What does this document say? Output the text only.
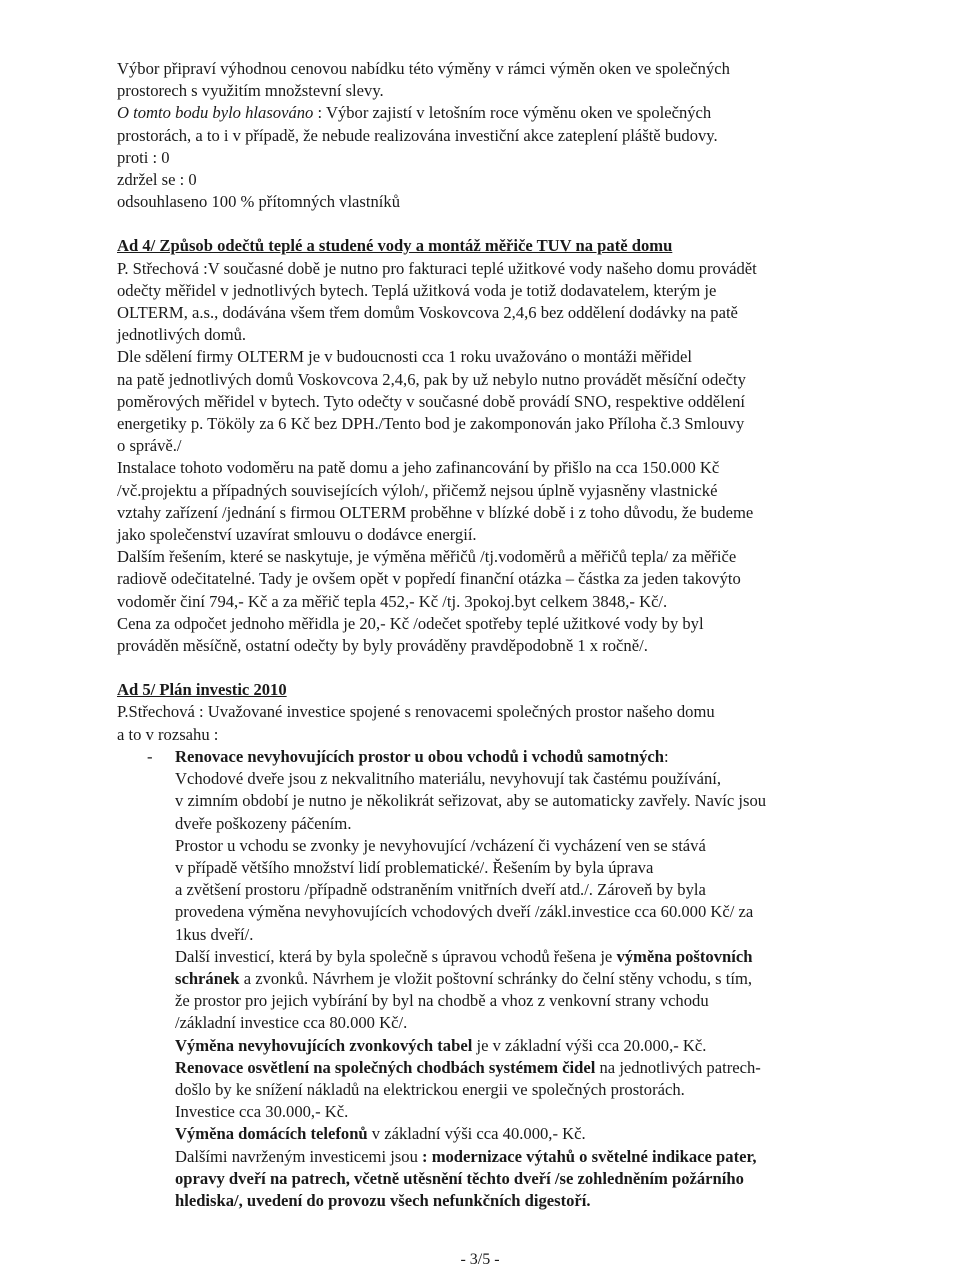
Výbor připraví výhodnou cenovou nabídku této výměny v rámci výměn oken ve společných
prostorech s využitím množstevní slevy.
O tomto bodu bylo hlasováno : Výbor zajistí v letošním roce výměnu oken ve společných
prostorách, a to i v případě, že nebude realizována investiční akce zateplení pláště budovy.
proti : 0
zdržel se : 0
odsouhlaseno 100 % přítomných vlastníků
Ad 4/ Způsob odečtů teplé a studené vody a montáž měřiče TUV na patě domu
P. Střechová :V současné době je nutno pro fakturaci teplé užitkové vody našeho domu provádět
odečty měřidel v jednotlivých bytech. Teplá užitková voda je totiž dodavatelem, kterým je
OLTERM, a.s., dodávána všem třem domům Voskovcova 2,4,6 bez oddělení dodávky na patě
jednotlivých domů.
Dle sdělení firmy OLTERM je v budoucnosti cca 1 roku uvažováno o montáži měřidel
na patě jednotlivých domů Voskovcova 2,4,6, pak by už nebylo nutno provádět měsíční odečty
poměrových měřidel v bytech. Tyto odečty v současné době provádí SNO, respektive oddělení
energetiky p. Tököly za 6 Kč bez DPH./Tento bod je zakomponován jako Příloha č.3 Smlouvy
o správě./
Instalace tohoto vodoměru na patě domu a jeho zafinancování by přišlo na cca 150.000 Kč
/vč.projektu a případných souvisejících výloh/, přičemž nejsou úplně vyjasněny vlastnické
vztahy zařízení /jednání s firmou OLTERM proběhne v blízké době i z toho důvodu, že budeme
jako společenství uzavírat smlouvu o dodávce energií.
Dalším řešením, které se naskytuje, je výměna měřičů /tj.vodoměrů a měřičů tepla/ za měřiče
radiově odečitatelné. Tady je ovšem opět v popředí finanční otázka – částka za jeden takovýto
vodoměr činí 794,- Kč a za měřič tepla 452,- Kč /tj. 3pokoj.byt celkem 3848,- Kč/.
Cena za odpočet jednoho měřidla je 20,- Kč /odečet spotřeby teplé užitkové vody by byl
prováděn měsíčně, ostatní odečty by byly prováděny pravděpodobně 1 x ročně/.
Ad 5/ Plán investic 2010
P.Střechová : Uvažované investice spojené s renovacemi společných prostor našeho domu
a to v rozsahu :
- Renovace nevyhovujících prostor u obou vchodů i vchodů samotných:
Vchodové dveře jsou z nekvalitního materiálu, nevyhovují tak častému používání,
v zimním období je nutno je několikrát seřizovat, aby se automaticky zavřely. Navíc jsou
dveře poškozeny páčením.
Prostor u vchodu se zvonky je nevyhovující /vcházení či vycházení ven se stává
v případě většího množství lidí problematické/. Řešením by byla úprava
a zvětšení prostoru /případně odstraněním vnitřních dveří atd./. Zároveň by byla
provedena výměna nevyhovujících vchodových dveří /zákl.investice cca 60.000 Kč/ za
1kus dveří/.
Další investicí, která by byla společně s úpravou vchodů řešena je výměna poštovních
schránek a zvonků. Návrhem je vložit poštovní schránky do čelní stěny vchodu, s tím,
že prostor pro jejich vybírání by byl na chodbě a vhoz z venkovní strany vchodu
/základní investice cca 80.000 Kč/.
Výměna nevyhovujících zvonkových tabel je v základní výši cca 20.000,- Kč.
Renovace osvětlení na společných chodbách systémem čidel na jednotlivých patrech-
došlo by ke snížení nákladů na elektrickou energii ve společných prostorách.
Investice cca 30.000,- Kč.
Výměna domácích telefonů v základní výši cca 40.000,- Kč.
Dalšími navrženým investicemi jsou : modernizace výtahů o světelné indikace pater,
opravy dveří na patrech, včetně utěsnění těchto dveří /se zohledněním požárního
hlediska/, uvedení do provozu všech nefunkčních digestoří.
- 3/5 -
